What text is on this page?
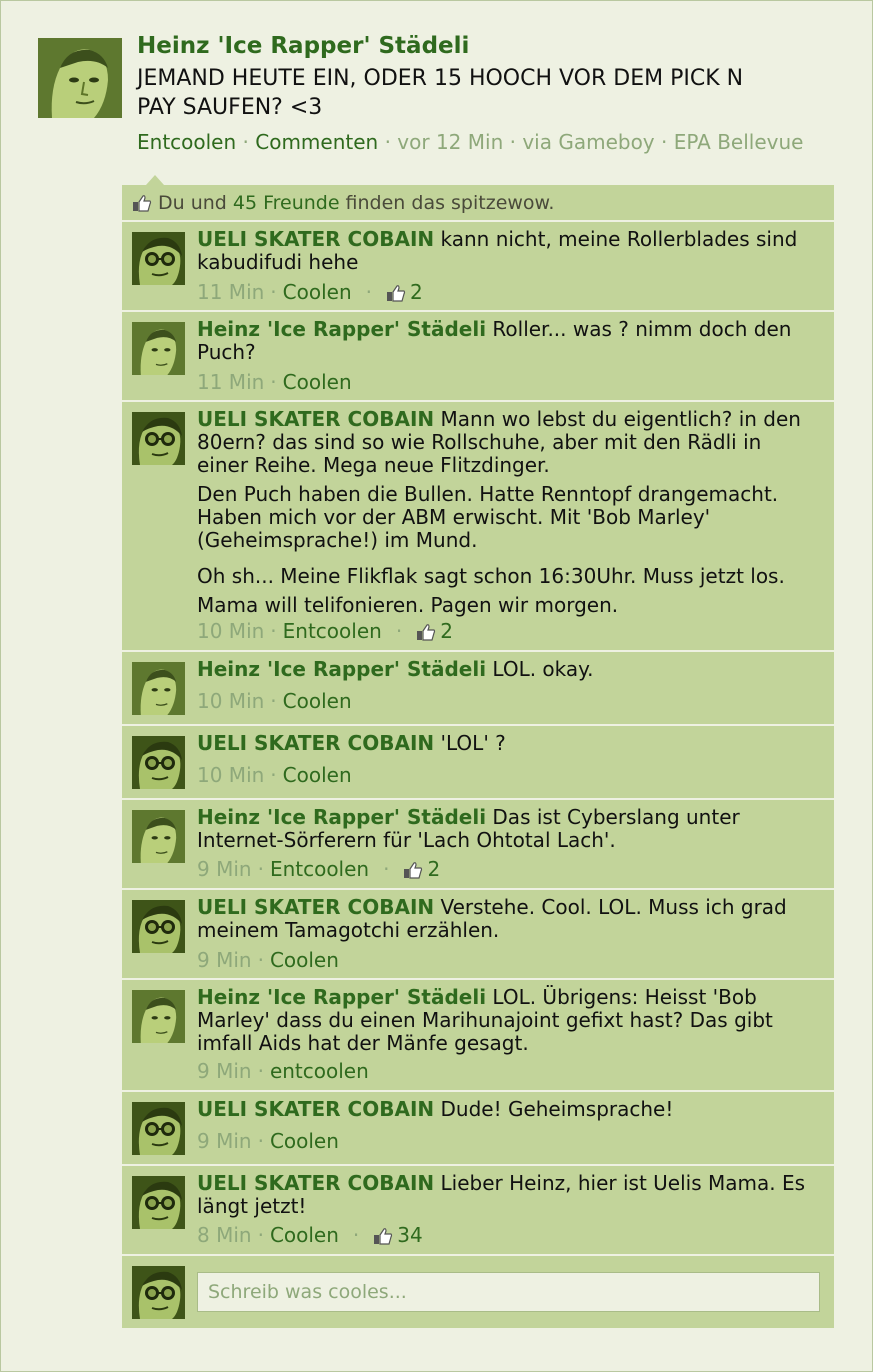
Heinz 'Ice Rapper' Städeli
JEMAND HEUTE EIN, ODER 15 HOOCH VOR DEM PICK N PAY SAUFEN? <3
Entcoolen · Commenten · vor 12 Min · via Gameboy · EPA Bellevue
Du und 45 Freunde finden das spitzewow.
UELI SKATER COBAIN kann nicht, meine Rollerblades sind kabudifudi hehe
11 Min · Coolen · 2
Heinz 'Ice Rapper' Städeli Roller... was ? nimm doch den Puch?
11 Min · Coolen
UELI SKATER COBAIN Mann wo lebst du eigentlich? in den 80ern? das sind so wie Rollschuhe, aber mit den Rädli in einer Reihe. Mega neue Flitzdinger.
Den Puch haben die Bullen. Hatte Renntopf drangemacht. Haben mich vor der ABM erwischt. Mit 'Bob Marley' (Geheimsprache!) im Mund.
Oh sh... Meine Flikflak sagt schon 16:30Uhr. Muss jetzt los. Mama will telifonieren. Pagen wir morgen.
10 Min · Entcoolen · 2
Heinz 'Ice Rapper' Städeli LOL. okay.
10 Min · Coolen
UELI SKATER COBAIN 'LOL' ?
10 Min · Coolen
Heinz 'Ice Rapper' Städeli Das ist Cyberslang unter Internet-Sörferern für 'Lach Ohtotal Lach'.
9 Min · Entcoolen · 2
UELI SKATER COBAIN Verstehe. Cool. LOL. Muss ich grad meinem Tamagotchi erzählen.
9 Min · Coolen
Heinz 'Ice Rapper' Städeli LOL. Übrigens: Heisst 'Bob Marley' dass du einen Marihunajoint gefixt hast? Das gibt imfall Aids hat der Mänfe gesagt.
9 Min · entcoolen
UELI SKATER COBAIN Dude! Geheimsprache!
9 Min · Coolen
UELI SKATER COBAIN Lieber Heinz, hier ist Uelis Mama. Es längt jetzt!
8 Min · Coolen · 34
Schreib was cooles...
